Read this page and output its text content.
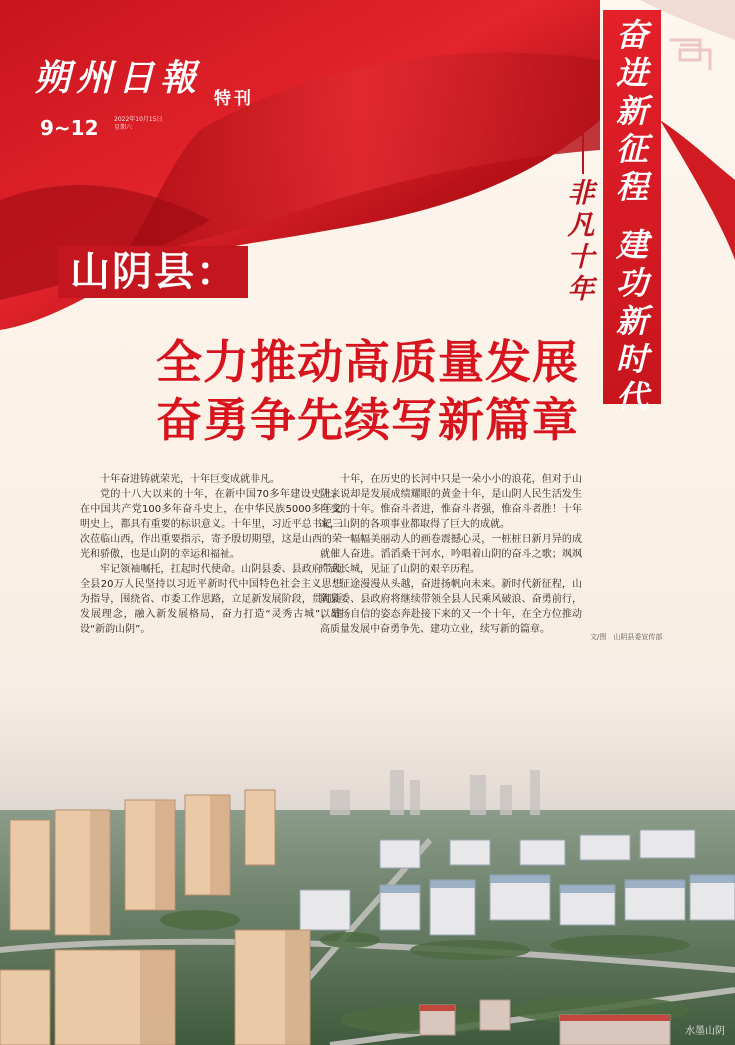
朔州日報 特刊
9~12	2022年10月15日
星期六
奋
进
新
征
程
建
功
新
时
代
非
凡
十
年
山阴县：
全力推动高质量发展
奋勇争先续写新篇章

十年奋进铸就荣光，十年巨变成就非凡。

党的十八大以来的十年，在新中国70多年建设史上，在中国共产党100多年奋斗史上，在中华民族5000多年文明史上，都具有重要的标识意义。十年里，习近平总书记三次莅临山西，作出重要指示，寄予殷切期望，这是山西的荣光和骄傲，也是山阴的幸运和福祉。

牢记领袖嘱托，扛起时代使命。山阴县委、县政府带领全县20万人民坚持以习近平新时代中国特色社会主义思想为指导，围绕省、市委工作思路，立足新发展阶段，贯彻新发展理念，融入新发展格局，奋力打造“灵秀古城”，建设“新韵山阴”。

十年，在历史的长河中只是一朵小小的浪花，但对于山阴来说却是发展成绩耀眼的黄金十年，是山阴人民生活发生巨变的十年。惟奋斗者进，惟奋斗者强，惟奋斗者胜！十年来，山阴的各项事业都取得了巨大的成就。

一幅幅美丽动人的画卷震撼心灵，一桩桩日新月异的成就催人奋进。滔滔桑干河水，吟唱着山阴的奋斗之歌；飒飒广武长城，见证了山阴的艰辛历程。

征途漫漫从头越，奋进扬帆向未来。新时代新征程，山阴县委、县政府将继续带领全县人民乘风破浪、奋勇前行，以昂扬自信的姿态奔赴接下来的又一个十年，在全方位推动高质量发展中奋勇争先、建功立业，续写新的篇章。

文/图　山阴县委宣传部
水墨山阴
